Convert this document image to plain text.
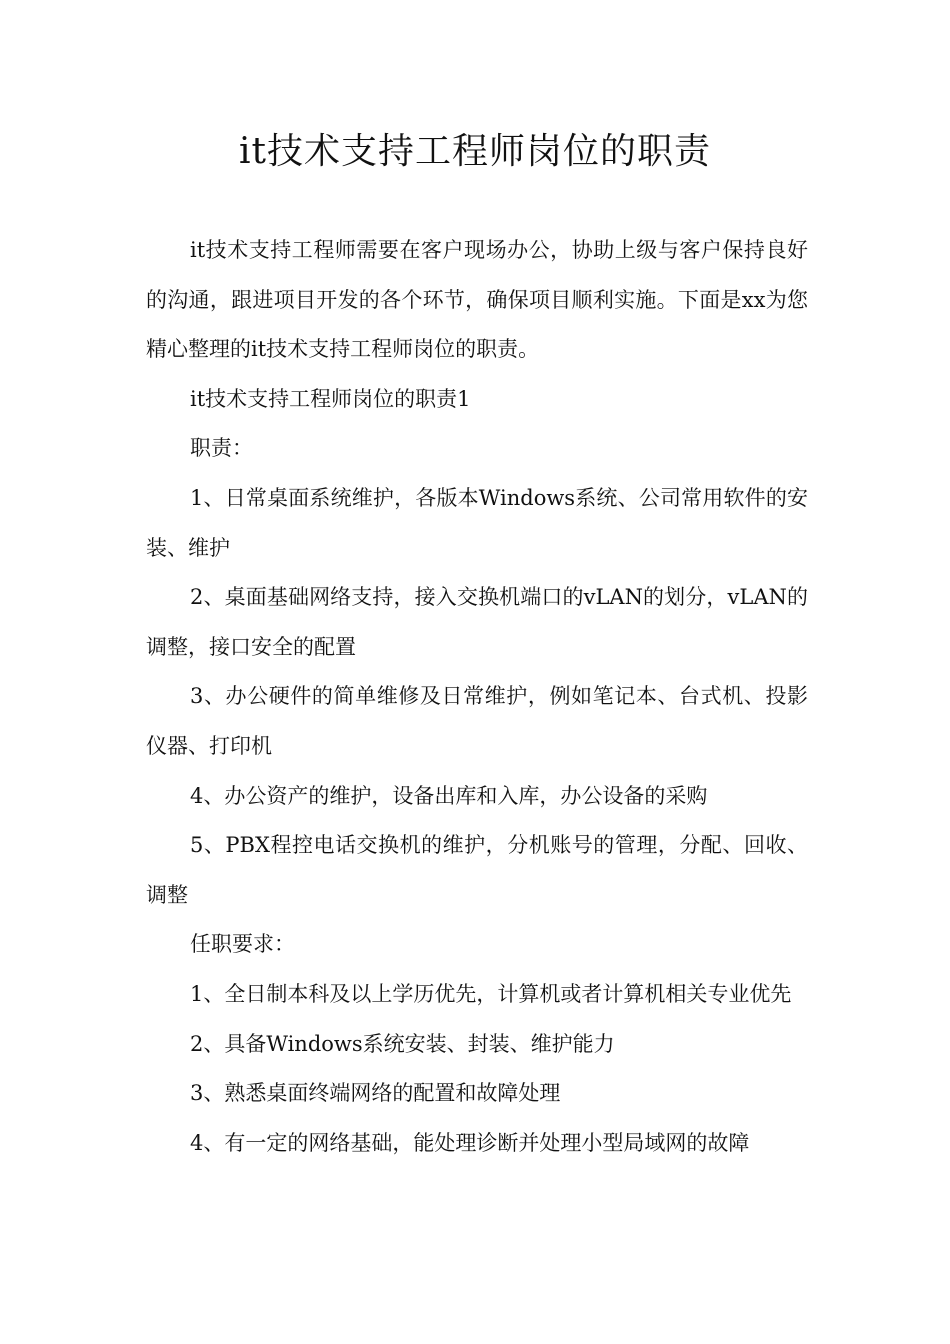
it技术支持工程师岗位的职责

it技术支持工程师需要在客户现场办公，协助上级与客户保持良好的沟通，跟进项目开发的各个环节，确保项目顺利实施。下面是xx为您精心整理的it技术支持工程师岗位的职责。

it技术支持工程师岗位的职责1

职责：

1、日常桌面系统维护，各版本Windows系统、公司常用软件的安装、维护

2、桌面基础网络支持，接入交换机端口的vLAN的划分，vLAN的调整，接口安全的配置

3、办公硬件的简单维修及日常维护，例如笔记本、台式机、投影仪器、打印机

4、办公资产的维护，设备出库和入库，办公设备的采购

5、PBX程控电话交换机的维护，分机账号的管理，分配、回收、调整

任职要求：

1、全日制本科及以上学历优先，计算机或者计算机相关专业优先

2、具备Windows系统安装、封装、维护能力

3、熟悉桌面终端网络的配置和故障处理

4、有一定的网络基础，能处理诊断并处理小型局域网的故障
